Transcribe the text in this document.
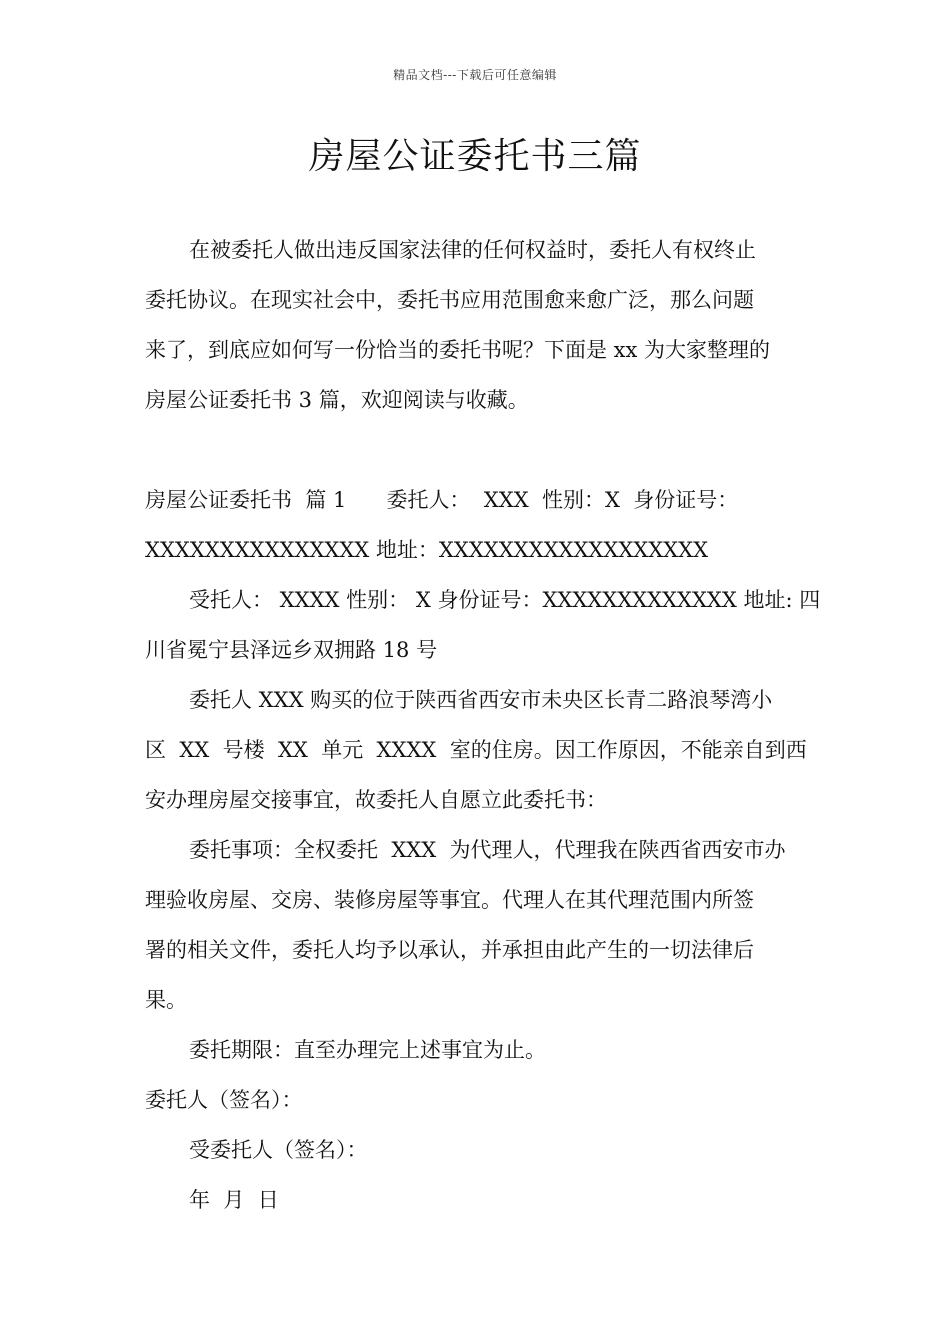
精品文档---下载后可任意编辑
房屋公证委托书三篇

在被委托人做出违反国家法律的任何权益时，委托人有权终止

委托协议。在现实社会中，委托书应用范围愈来愈广泛，那么问题

来了，到底应如何写一份恰当的委托书呢？下面是 xx 为大家整理的

房屋公证委托书 3 篇，欢迎阅读与收藏。

房屋公证委托书  篇 1      委托人：  XXX  性别：X  身份证号：

XXXXXXXXXXXXXXX 地址：XXXXXXXXXXXXXXXXXX

受托人： XXXX 性别： X 身份证号：XXXXXXXXXXXXX 地址: 四

川省冕宁县泽远乡双拥路 18 号

委托人 XXX 购买的位于陕西省西安市未央区长青二路浪琴湾小

区  XX  号楼  XX  单元  XXXX  室的住房。因工作原因，不能亲自到西

安办理房屋交接事宜，故委托人自愿立此委托书：

委托事项：全权委托  XXX  为代理人，代理我在陕西省西安市办

理验收房屋、交房、装修房屋等事宜。代理人在其代理范围内所签

署的相关文件，委托人均予以承认，并承担由此产生的一切法律后

果。

委托期限：直至办理完上述事宜为止。

委托人（签名）：

受委托人（签名）：

年  月  日
